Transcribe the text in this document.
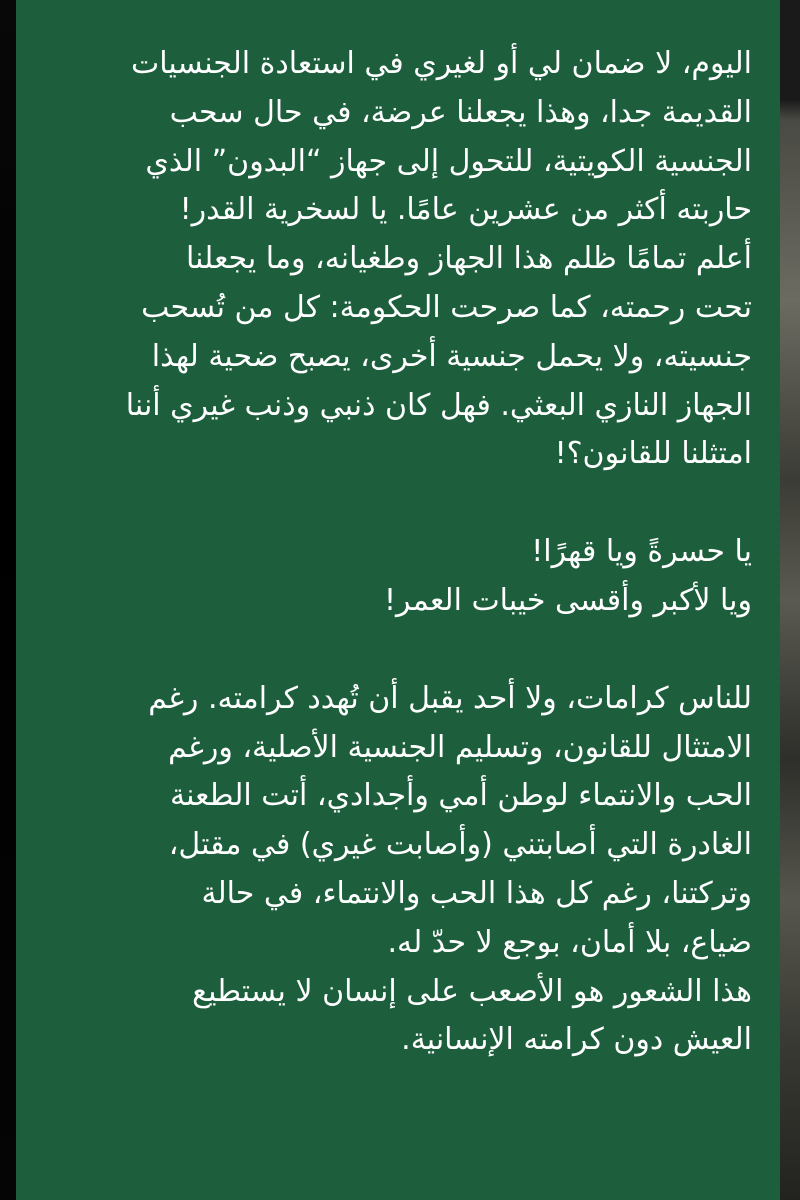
اليوم، لا ضمان لي أو لغيري في استعادة الجنسيات
القديمة جدا، وهذا يجعلنا عرضة، في حال سحب
الجنسية الكويتية، للتحول إلى جهاز “البدون” الذي
حاربته أكثر من عشرين عامًا. يا لسخرية القدر!
أعلم تمامًا ظلم هذا الجهاز وطغيانه، وما يجعلنا
تحت رحمته، كما صرحت الحكومة: كل من تُسحب
جنسيته، ولا يحمل جنسية أخرى، يصبح ضحية لهذا
الجهاز النازي البعثي. فهل كان ذنبي وذنب غيري أننا
امتثلنا للقانون؟!

يا حسرةً ويا قهرًا!
ويا لأكبر وأقسى خيبات العمر!

للناس كرامات، ولا أحد يقبل أن تُهدد كرامته. رغم
الامتثال للقانون، وتسليم الجنسية الأصلية، ورغم
الحب والانتماء لوطن أمي وأجدادي، أتت الطعنة
الغادرة التي أصابتني (وأصابت غيري) في مقتل،
وتركتنا، رغم كل هذا الحب والانتماء، في حالة
ضياع، بلا أمان، بوجع لا حدّ له.
هذا الشعور هو الأصعب على إنسان لا يستطيع
العيش دون كرامته الإنسانية.
